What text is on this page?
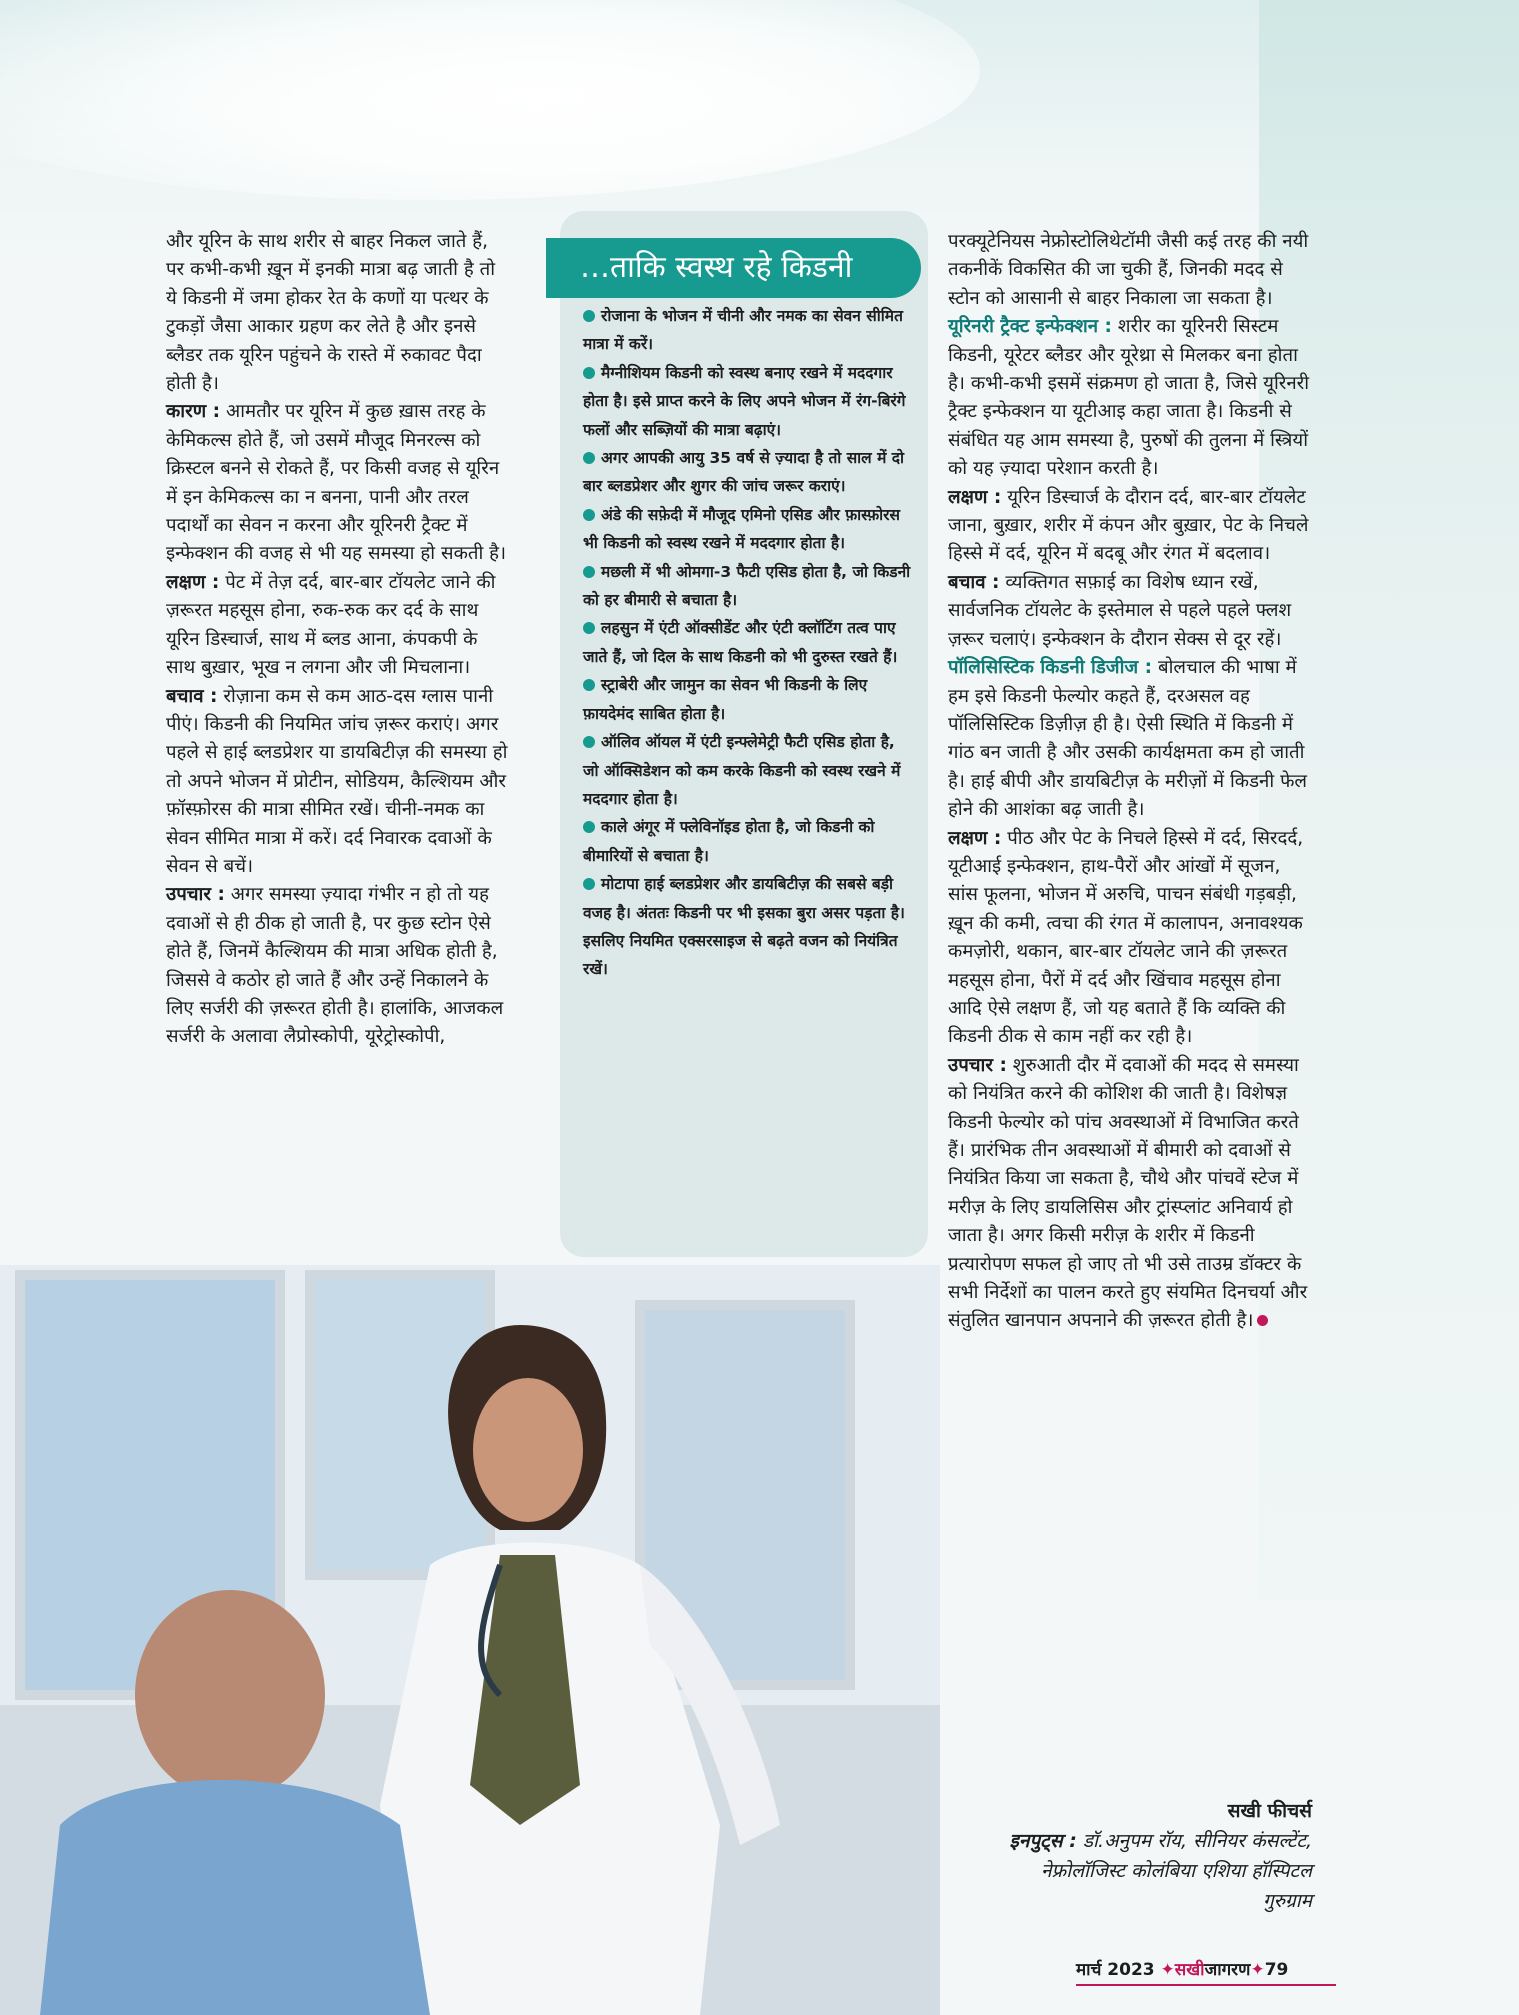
और यूरिन के साथ शरीर से बाहर निकल जाते हैं, पर कभी-कभी ख़ून में इनकी मात्रा बढ़ जाती है तो ये किडनी में जमा होकर रेत के कणों या पत्थर के टुकड़ों जैसा आकार ग्रहण कर लेते है और इनसे ब्लैडर तक यूरिन पहुंचने के रास्ते में रुकावट पैदा होती है।

कारण : आमतौर पर यूरिन में कुछ ख़ास तरह के केमिकल्स होते हैं, जो उसमें मौजूद मिनरल्स को क्रिस्टल बनने से रोकते हैं, पर किसी वजह से यूरिन में इन केमिकल्स का न बनना, पानी और तरल पदार्थों का सेवन न करना और यूरिनरी ट्रैक्ट में इन्फेक्शन की वजह से भी यह समस्या हो सकती है।

लक्षण : पेट में तेज़ दर्द, बार-बार टॉयलेट जाने की ज़रूरत महसूस होना, रुक-रुक कर दर्द के साथ यूरिन डिस्चार्ज, साथ में ब्लड आना, कंपकपी के साथ बुख़ार, भूख न लगना और जी मिचलाना।

बचाव : रोज़ाना कम से कम आठ-दस ग्लास पानी पीएं। किडनी की नियमित जांच ज़रूर कराएं। अगर पहले से हाई ब्लडप्रेशर या डायबिटीज़ की समस्या हो तो अपने भोजन में प्रोटीन, सोडियम, कैल्शियम और फ़ॉस्फ़ोरस की मात्रा सीमित रखें। चीनी-नमक का सेवन सीमित मात्रा में करें। दर्द निवारक दवाओं के सेवन से बचें।

उपचार : अगर समस्या ज़्यादा गंभीर न हो तो यह दवाओं से ही ठीक हो जाती है, पर कुछ स्टोन ऐसे होते हैं, जिनमें कैल्शियम की मात्रा अधिक होती है, जिससे वे कठोर हो जाते हैं और उन्हें निकालने के लिए सर्जरी की ज़रूरत होती है। हालांकि, आजकल सर्जरी के अलावा लैप्रोस्कोपी, यूरेट्रोस्कोपी,

…ताकि स्वस्थ रहे किडनी

रोजाना के भोजन में चीनी और नमक का सेवन सीमित मात्रा में करें।

मैग्नीशियम किडनी को स्वस्थ बनाए रखने में मददगार होता है। इसे प्राप्त करने के लिए अपने भोजन में रंग-बिरंगे फलों और सब्ज़ियों की मात्रा बढ़ाएं।

अगर आपकी आयु 35 वर्ष से ज़्यादा है तो साल में दो बार ब्लडप्रेशर और शुगर की जांच जरूर कराएं।

अंडे की सफ़ेदी में मौजूद एमिनो एसिड और फ़ास्फ़ोरस भी किडनी को स्वस्थ रखने में मददगार होता है।

मछली में भी ओमगा-3 फैटी एसिड होता है, जो किडनी को हर बीमारी से बचाता है।

लहसुन में एंटी ऑक्सीडेंट और एंटी क्लॉटिंग तत्व पाए जाते हैं, जो दिल के साथ किडनी को भी दुरुस्त रखते हैं।

स्ट्राबेरी और जामुन का सेवन भी किडनी के लिए फ़ायदेमंद साबित होता है।

ऑलिव ऑयल में एंटी इन्फ्लेमेट्री फैटी एसिड होता है, जो ऑक्सिडेशन को कम करके किडनी को स्वस्थ रखने में मददगार होता है।

काले अंगूर में फ्लेविनॉइड होता है, जो किडनी को बीमारियों से बचाता है।

मोटापा हाई ब्लडप्रेशर और डायबिटीज़ की सबसे बड़ी वजह है। अंततः किडनी पर भी इसका बुरा असर पड़ता है। इसलिए नियमित एक्सरसाइज से बढ़ते वजन को नियंत्रित रखें।

परक्यूटेनियस नेफ्रोस्टोलिथेटॉमी जैसी कई तरह की नयी तकनीकें विकसित की जा चुकी हैं, जिनकी मदद से स्टोन को आसानी से बाहर निकाला जा सकता है।

यूरिनरी ट्रैक्ट इन्फेक्शन : शरीर का यूरिनरी सिस्टम किडनी, यूरेटर ब्लैडर और यूरेथ्रा से मिलकर बना होता है। कभी-कभी इसमें संक्रमण हो जाता है, जिसे यूरिनरी ट्रैक्ट इन्फेक्शन या यूटीआइ कहा जाता है। किडनी से संबंधित यह आम समस्या है, पुरुषों की तुलना में स्त्रियों को यह ज़्यादा परेशान करती है।

लक्षण : यूरिन डिस्चार्ज के दौरान दर्द, बार-बार टॉयलेट जाना, बुख़ार, शरीर में कंपन और बुख़ार, पेट के निचले हिस्से में दर्द, यूरिन में बदबू और रंगत में बदलाव।

बचाव : व्यक्तिगत सफ़ाई का विशेष ध्यान रखें, सार्वजनिक टॉयलेट के इस्तेमाल से पहले पहले फ्लश ज़रूर चलाएं। इन्फेक्शन के दौरान सेक्स से दूर रहें।

पॉलिसिस्टिक किडनी डिजीज : बोलचाल की भाषा में हम इसे किडनी फेल्योर कहते हैं, दरअसल वह पॉलिसिस्टिक डिज़ीज़ ही है। ऐसी स्थिति में किडनी में गांठ बन जाती है और उसकी कार्यक्षमता कम हो जाती है। हाई बीपी और डायबिटीज़ के मरीज़ों में किडनी फेल होने की आशंका बढ़ जाती है।

लक्षण : पीठ और पेट के निचले हिस्से में दर्द, सिरदर्द, यूटीआई इन्फेक्शन, हाथ-पैरों और आंखों में सूजन, सांस फूलना, भोजन में अरुचि, पाचन संबंधी गड़बड़ी, ख़ून की कमी, त्वचा की रंगत में कालापन, अनावश्यक कमज़ोरी, थकान, बार-बार टॉयलेट जाने की ज़रूरत महसूस होना, पैरों में दर्द और खिंचाव महसूस होना आदि ऐसे लक्षण हैं, जो यह बताते हैं कि व्यक्ति की किडनी ठीक से काम नहीं कर रही है।

उपचार : शुरुआती दौर में दवाओं की मदद से समस्या को नियंत्रित करने की कोशिश की जाती है। विशेषज्ञ किडनी फेल्योर को पांच अवस्थाओं में विभाजित करते हैं। प्रारंभिक तीन अवस्थाओं में बीमारी को दवाओं से नियंत्रित किया जा सकता है, चौथे और पांचवें स्टेज में मरीज़ के लिए डायलिसिस और ट्रांस्प्लांट अनिवार्य हो जाता है। अगर किसी मरीज़ के शरीर में किडनी प्रत्यारोपण सफल हो जाए तो भी उसे ताउम्र डॉक्टर के सभी निर्देशों का पालन करते हुए संयमित दिनचर्या और संतुलित खानपान अपनाने की ज़रूरत होती है।

सखी फीचर्स
इनपुट्स : डॉ.अनुपम रॉय, सीनियर कंसल्टेंट, नेफ्रोलॉजिस्ट कोलंबिया एशिया हॉस्पिटल गुरुग्राम
मार्च 2023 ✦सखीजागरण✦79
